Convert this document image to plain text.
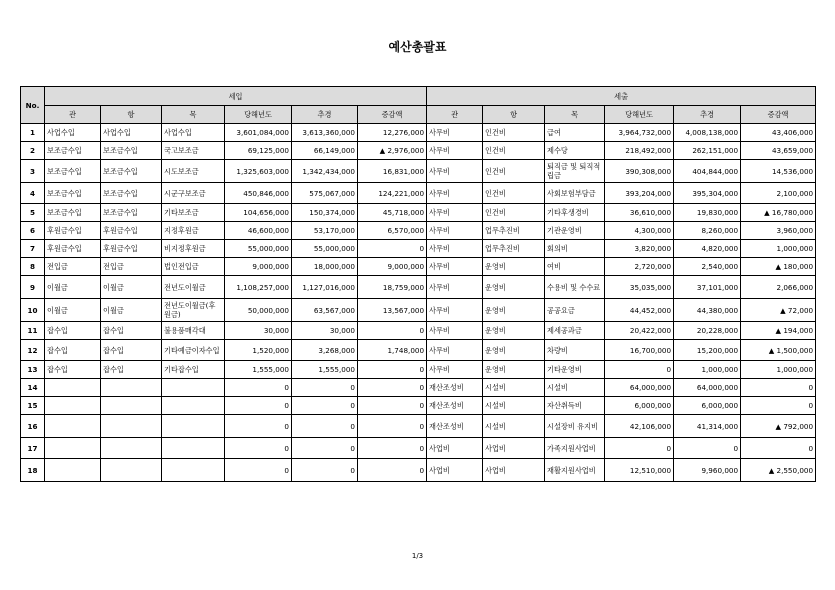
예산총괄표
No.	세입						세출					
	관	항	목	당해년도	추경	증감액	관	항	목	당해년도	추경	증감액
1	사업수입	사업수입	사업수입	3,601,084,000	3,613,360,000	12,276,000	사무비	인건비	급여	3,964,732,000	4,008,138,000	43,406,000
2	보조금수입	보조금수입	국고보조금	69,125,000	66,149,000	▲ 2,976,000	사무비	인건비	제수당	218,492,000	262,151,000	43,659,000
3	보조금수입	보조금수입	시도보조금	1,325,603,000	1,342,434,000	16,831,000	사무비	인건비	퇴직금 및 퇴직적립금	390,308,000	404,844,000	14,536,000
4	보조금수입	보조금수입	시군구보조금	450,846,000	575,067,000	124,221,000	사무비	인건비	사회보험부담금	393,204,000	395,304,000	2,100,000
5	보조금수입	보조금수입	기타보조금	104,656,000	150,374,000	45,718,000	사무비	인건비	기타후생경비	36,610,000	19,830,000	▲ 16,780,000
6	후원금수입	후원금수입	지정후원금	46,600,000	53,170,000	6,570,000	사무비	업무추진비	기관운영비	4,300,000	8,260,000	3,960,000
7	후원금수입	후원금수입	비지정후원금	55,000,000	55,000,000	0	사무비	업무추진비	회의비	3,820,000	4,820,000	1,000,000
8	전입금	전입금	법인전입금	9,000,000	18,000,000	9,000,000	사무비	운영비	여비	2,720,000	2,540,000	▲ 180,000
9	이월금	이월금	전년도이월금	1,108,257,000	1,127,016,000	18,759,000	사무비	운영비	수용비 및 수수료	35,035,000	37,101,000	2,066,000
10	이월금	이월금	전년도이월금(후원금)	50,000,000	63,567,000	13,567,000	사무비	운영비	공공요금	44,452,000	44,380,000	▲ 72,000
11	잡수입	잡수입	불용품매각대	30,000	30,000	0	사무비	운영비	제세공과금	20,422,000	20,228,000	▲ 194,000
12	잡수입	잡수입	기타예금이자수입	1,520,000	3,268,000	1,748,000	사무비	운영비	차량비	16,700,000	15,200,000	▲ 1,500,000
13	잡수입	잡수입	기타잡수입	1,555,000	1,555,000	0	사무비	운영비	기타운영비	0	1,000,000	1,000,000
14				0	0	0	재산조성비	시설비	시설비	64,000,000	64,000,000	0
15				0	0	0	재산조성비	시설비	자산취득비	6,000,000	6,000,000	0
16				0	0	0	재산조성비	시설비	시설장비 유지비	42,106,000	41,314,000	▲ 792,000
17				0	0	0	사업비	사업비	가족지원사업비	0	0	0
18				0	0	0	사업비	사업비	재활지원사업비	12,510,000	9,960,000	▲ 2,550,000
1/3
